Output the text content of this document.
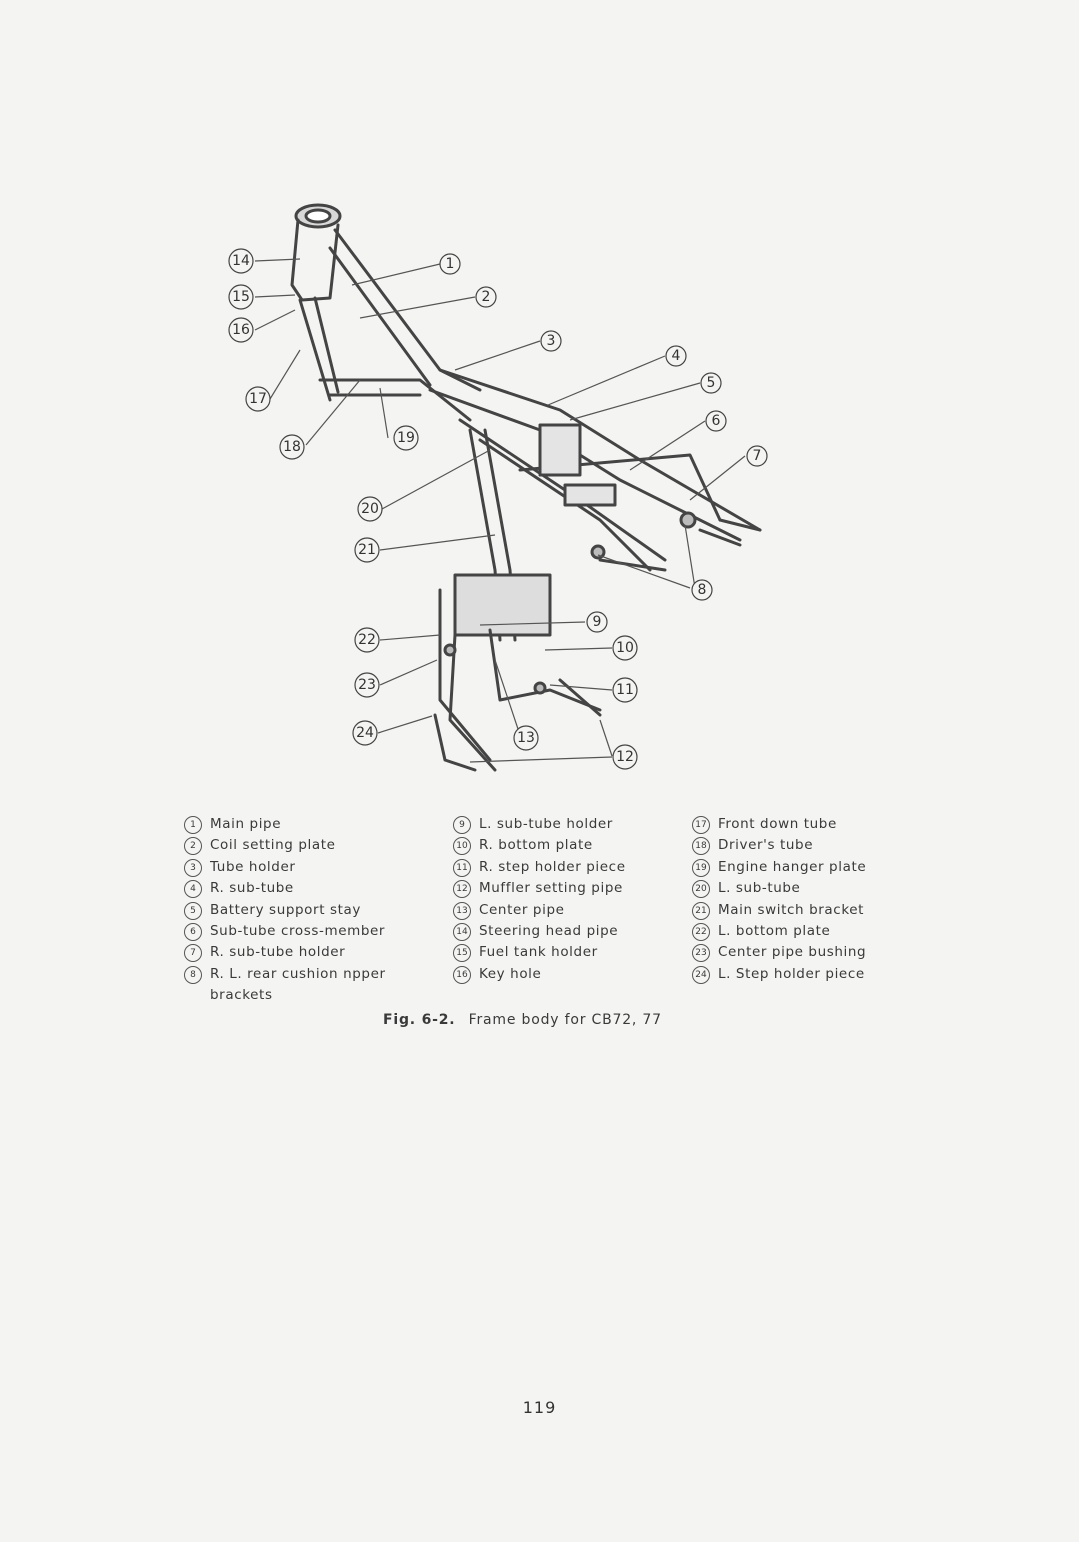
1
2
3
4
5
6
7
8
9
10
11
12
13
14
15
16
17
18
19
20
21
22
23
24
1	Main pipe
2	Coil setting plate
3	Tube holder
4	R. sub-tube
5	Battery support stay
6	Sub-tube cross-member
7	R. sub-tube holder
8	R. L. rear cushion npper
brackets
9	L. sub-tube holder
10 R. bottom plate
11 R. step holder piece
12 Muffler setting pipe
13 Center pipe
14 Steering head pipe
15 Fuel tank holder
16 Key hole
17 Front down tube
18 Driver's tube
19 Engine hanger plate
20 L. sub-tube
21 Main switch bracket
22 L. bottom plate
23 Center pipe bushing
24 L. Step holder piece
Fig. 6-2. Frame body for CB72, 77
119
